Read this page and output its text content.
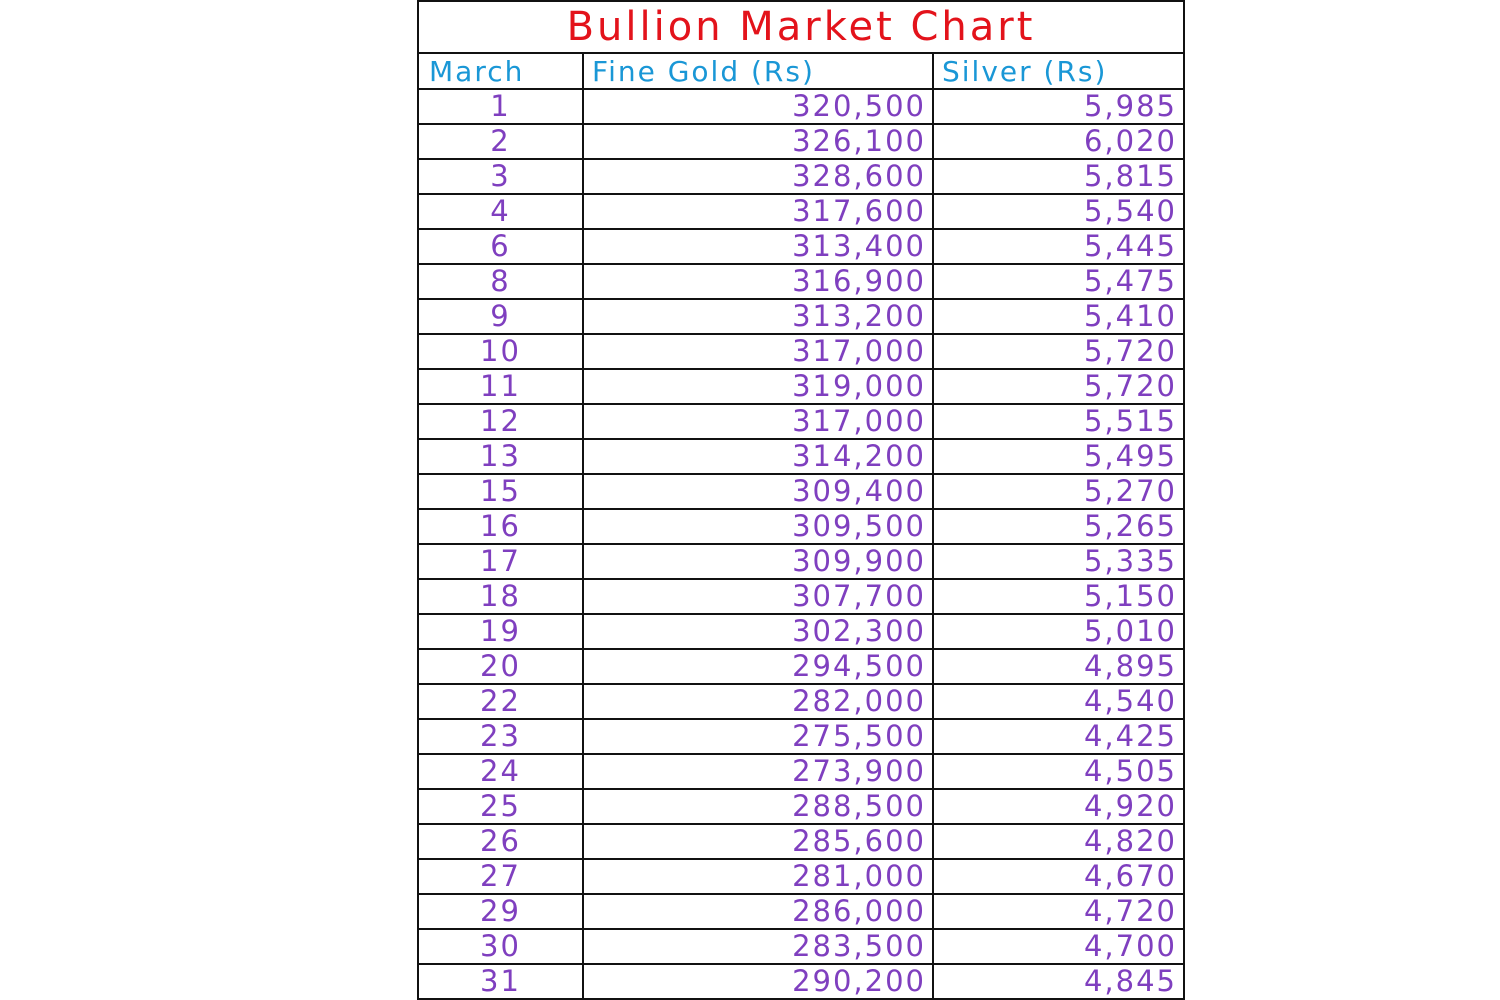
Bullion Market Chart		
March	Fine Gold (Rs)	Silver (Rs)
1	320,500	5,985
2	326,100	6,020
3	328,600	5,815
4	317,600	5,540
6	313,400	5,445
8	316,900	5,475
9	313,200	5,410
10	317,000	5,720
11	319,000	5,720
12	317,000	5,515
13	314,200	5,495
15	309,400	5,270
16	309,500	5,265
17	309,900	5,335
18	307,700	5,150
19	302,300	5,010
20	294,500	4,895
22	282,000	4,540
23	275,500	4,425
24	273,900	4,505
25	288,500	4,920
26	285,600	4,820
27	281,000	4,670
29	286,000	4,720
30	283,500	4,700
31	290,200	4,845
